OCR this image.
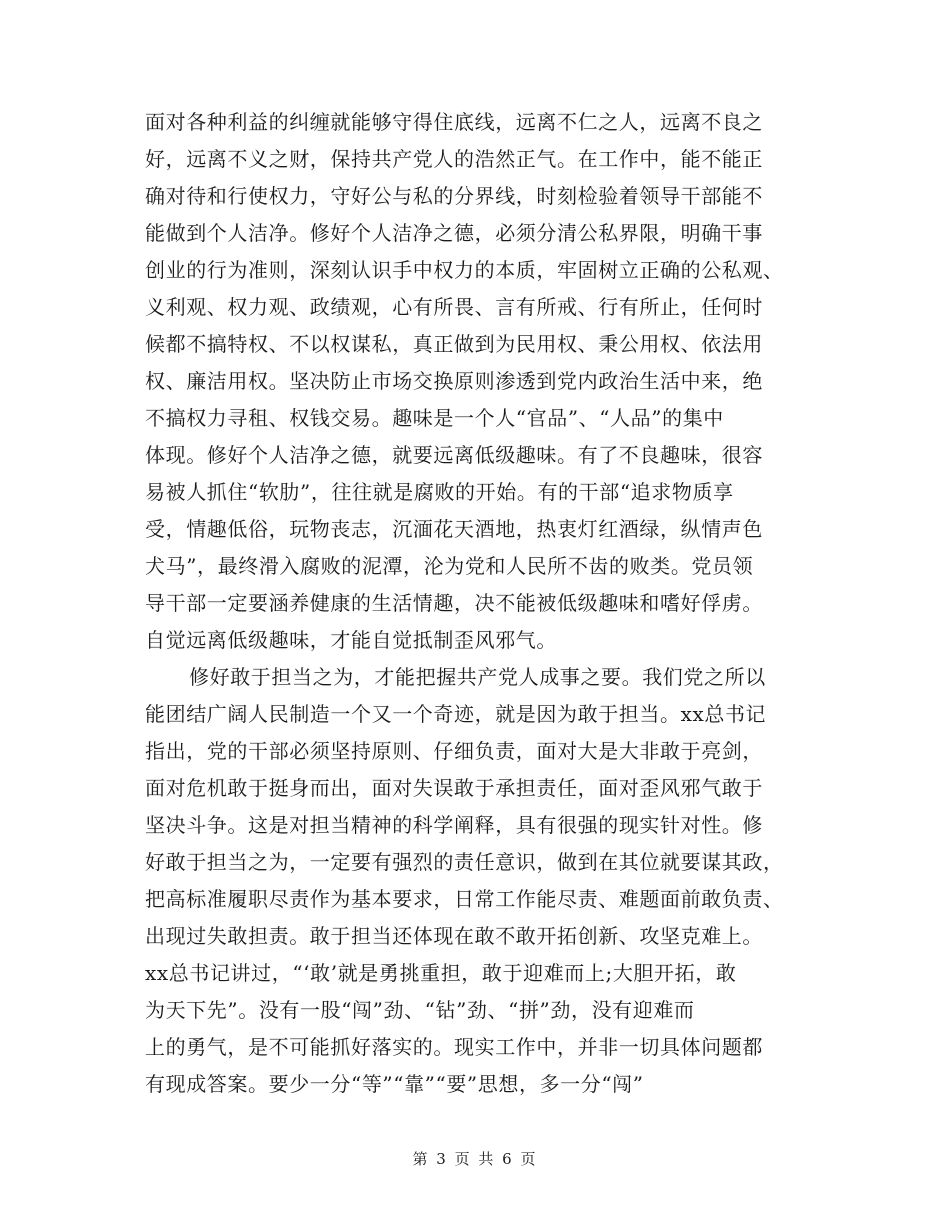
面对各种利益的纠缠就能够守得住底线，远离不仁之人，远离不良之
好，远离不义之财，保持共产党人的浩然正气。在工作中，能不能正
确对待和行使权力，守好公与私的分界线，时刻检验着领导干部能不
能做到个人洁净。修好个人洁净之德，必须分清公私界限，明确干事
创业的行为准则，深刻认识手中权力的本质，牢固树立正确的公私观、
义利观、权力观、政绩观，心有所畏、言有所戒、行有所止，任何时
候都不搞特权、不以权谋私，真正做到为民用权、秉公用权、依法用
权、廉洁用权。坚决防止市场交换原则渗透到党内政治生活中来，绝
不搞权力寻租、权钱交易。趣味是一个人“官品”、“人品”的集中
体现。修好个人洁净之德，就要远离低级趣味。有了不良趣味，很容
易被人抓住“软肋”，往往就是腐败的开始。有的干部“追求物质享
受，情趣低俗，玩物丧志，沉湎花天酒地，热衷灯红酒绿，纵情声色
犬马”，最终滑入腐败的泥潭，沦为党和人民所不齿的败类。党员领
导干部一定要涵养健康的生活情趣，决不能被低级趣味和嗜好俘虏。
自觉远离低级趣味，才能自觉抵制歪风邪气。
修好敢于担当之为，才能把握共产党人成事之要。我们党之所以
能团结广阔人民制造一个又一个奇迹，就是因为敢于担当。xx总书记
指出，党的干部必须坚持原则、仔细负责，面对大是大非敢于亮剑，
面对危机敢于挺身而出，面对失误敢于承担责任，面对歪风邪气敢于
坚决斗争。这是对担当精神的科学阐释，具有很强的现实针对性。修
好敢于担当之为，一定要有强烈的责任意识，做到在其位就要谋其政，
把高标准履职尽责作为基本要求，日常工作能尽责、难题面前敢负责、
出现过失敢担责。敢于担当还体现在敢不敢开拓创新、攻坚克难上。
xx总书记讲过，“‘敢’就是勇挑重担，敢于迎难而上;大胆开拓，敢
为天下先”。没有一股“闯”劲、“钻”劲、“拼”劲，没有迎难而
上的勇气，是不可能抓好落实的。现实工作中，并非一切具体问题都
有现成答案。要少一分“等”“靠”“要”思想，多一分“闯”
第 3 页 共 6 页
